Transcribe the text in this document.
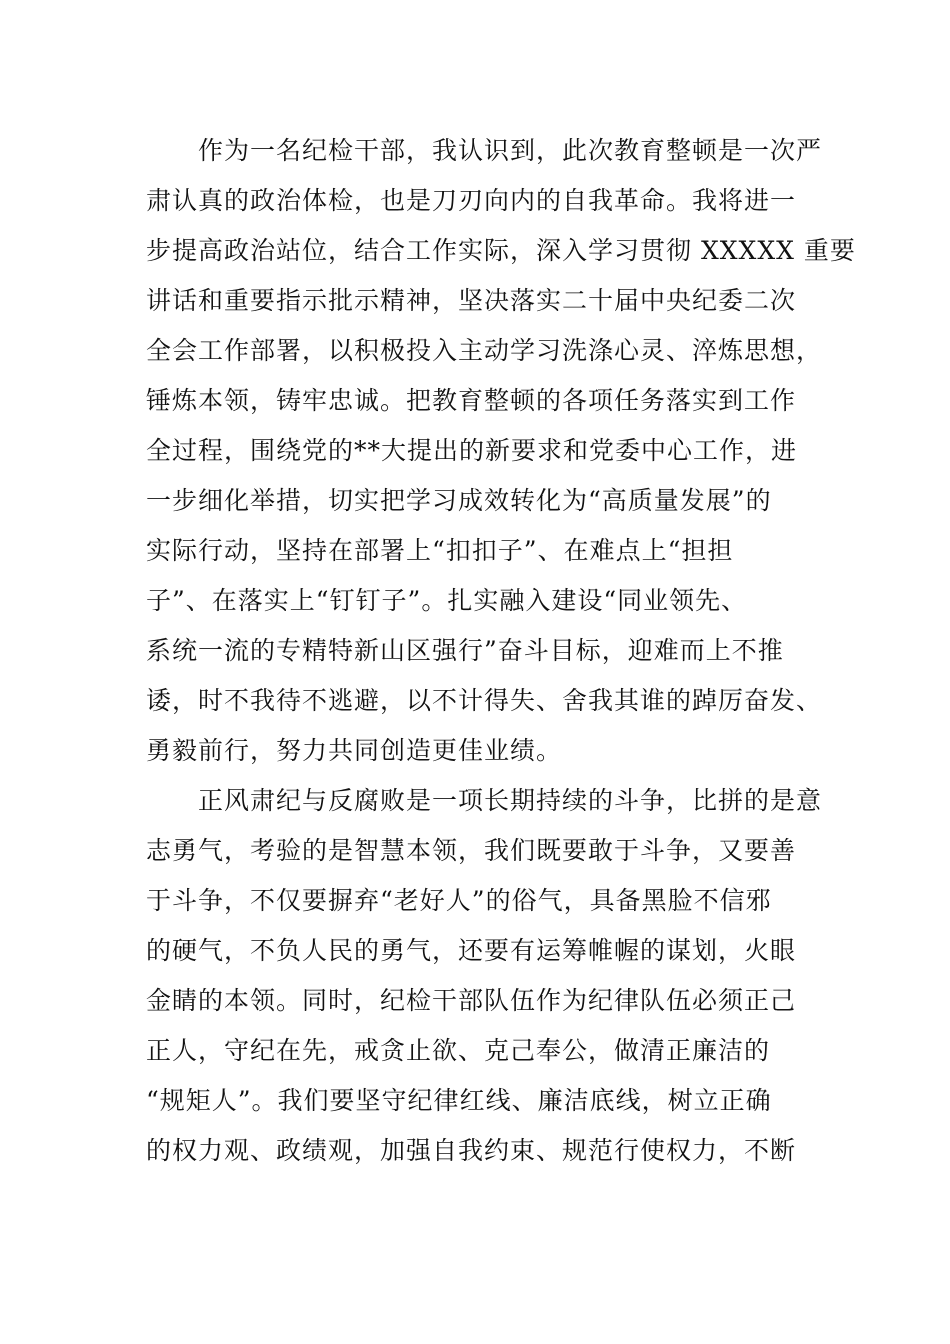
　　作为一名纪检干部，我认识到，此次教育整顿是一次严
肃认真的政治体检，也是刀刃向内的自我革命。我将进一
步提高政治站位，结合工作实际，深入学习贯彻 XXXXX 重要
讲话和重要指示批示精神，坚决落实二十届中央纪委二次
全会工作部署，以积极投入主动学习洗涤心灵、淬炼思想，
锤炼本领，铸牢忠诚。把教育整顿的各项任务落实到工作
全过程，围绕党的**大提出的新要求和党委中心工作，进
一步细化举措，切实把学习成效转化为“高质量发展”的
实际行动，坚持在部署上“扣扣子”、在难点上“担担
子”、在落实上“钉钉子”。扎实融入建设“同业领先、
系统一流的专精特新山区强行”奋斗目标，迎难而上不推
诿，时不我待不逃避，以不计得失、舍我其谁的踔厉奋发、
勇毅前行，努力共同创造更佳业绩。
　　正风肃纪与反腐败是一项长期持续的斗争，比拼的是意
志勇气，考验的是智慧本领，我们既要敢于斗争，又要善
于斗争，不仅要摒弃“老好人”的俗气，具备黑脸不信邪
的硬气，不负人民的勇气，还要有运筹帷幄的谋划，火眼
金睛的本领。同时，纪检干部队伍作为纪律队伍必须正己
正人，守纪在先，戒贪止欲、克己奉公，做清正廉洁的
“规矩人”。我们要坚守纪律红线、廉洁底线，树立正确
的权力观、政绩观，加强自我约束、规范行使权力，不断
